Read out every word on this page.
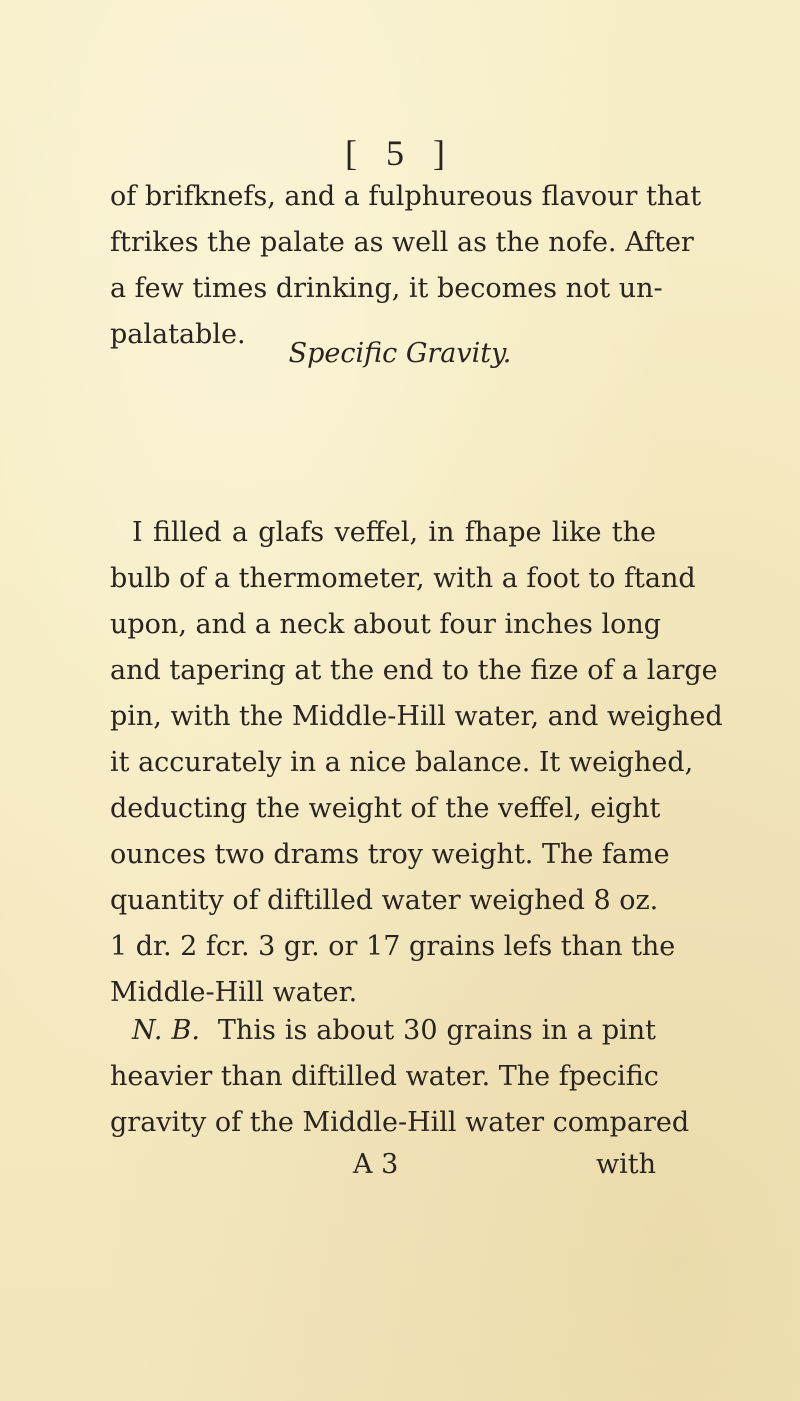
[ 5 ]
of brifknefs, and a fulphureous flavour that
ftrikes the palate as well as the nofe. After
a few times drinking, it becomes not un-
palatable.
Specific Gravity.
I filled a glafs veffel, in fhape like the
bulb of a thermometer, with a foot to ftand
upon, and a neck about four inches long
and tapering at the end to the fize of a large
pin, with the Middle-Hill water, and weighed
it accurately in a nice balance. It weighed,
deducting the weight of the veffel, eight
ounces two drams troy weight. The fame
quantity of diftilled water weighed 8 oz.
1 dr. 2 fcr. 3 gr. or 17 grains lefs than the
Middle-Hill water.
N. B. This is about 30 grains in a pint
heavier than diftilled water. The fpecific
gravity of the Middle-Hill water compared
A 3	with
